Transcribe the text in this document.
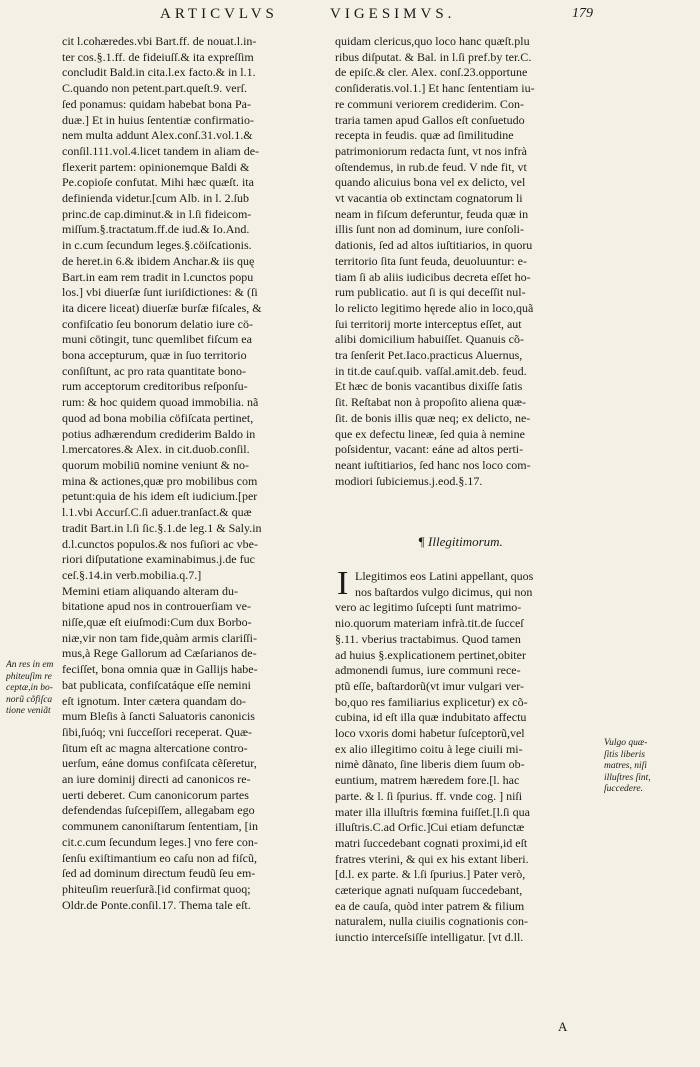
ARTICVLVS	VIGESIMVS.	179
cit l.cohæredes.vbi Bart.ff. de nouat.l.in-
ter cos.§.1.ff. de fideiuſſ.& ita expreſſim
concludit Bald.in cita.l.ex facto.& in l.1.
C.quando non petent.part.queſt.9. verſ.
ſed ponamus: quidam habebat bona Pa-
duæ.] Et in huius ſententiæ confirmatio-
nem multa addunt Alex.conſ.31.vol.1.&
conſil.111.vol.4.licet tandem in aliam de-
flexerit partem: opinionemque Baldi &
Pe.copioſe confutat. Mihi hæc quæſt. ita
definienda videtur.[cum Alb. in l. 2.ſub
princ.de cap.diminut.& in l.ſi fideicom-
miſſum.§.tractatum.ff.de iud.& Io.And.
in c.cum ſecundum leges.§.cöiſcationis.
de heret.in 6.& ibidem Anchar.& iis quę
Bart.in eam rem tradit in l.cunctos popu
los.] vbi diuerſæ ſunt iuriſdictiones: & (ſi
ita dicere liceat) diuerſæ burſæ fiſcales, &
confiſcatio ſeu bonorum delatio iure cö-
muni cötingit, tunc quemlibet fiſcum ea
bona accepturum, quæ in ſuo territorio
conſiſtunt, ac pro rata quantitate bono-
rum acceptorum creditoribus reſponſu-
rum: & hoc quidem quoad immobilia. nã
quod ad bona mobilia cöfiſcata pertinet,
potius adhærendum crediderim Baldo in
l.mercatores.& Alex. in cit.duob.conſil.
quorum mobiliū nomine veniunt & no-
mina & actiones,quæ pro mobilibus com
petunt:quia de his idem eſt iudicium.[per
l.1.vbi Accurſ.C.ſi aduer.tranſact.& quæ
tradit Bart.in l.ſi ſic.§.1.de leg.1 & Saly.in
d.l.cunctos populos.& nos fuſiori ac vbe-
riori diſputatione examinabimus.j.de fuc
ceſ.§.14.in verb.mobilia.q.7.]
Memini etiam aliquando alteram du-
bitatione apud nos in controuerſiam ve-
niſſe,quæ eſt eiuſmodi:Cum dux Borbo-
niæ,vir non tam fide,quàm armis clariſſi-
mus,à Rege Gallorum ad Cæſarianos de-
feciſſet, bona omnia quæ in Gallijs habe-
bat publicata, confiſcatáque eſſe nemini
eſt ignotum. Inter cætera quandam do-
mum Bleſis à ſancti Saluatoris canonicis
ſibi,ſuóq; vni ſucceſſori receperat. Quæ-
ſitum eſt ac magna altercatione contro-
uerſum, eáne domus confiſcata cẽſeretur,
an iure dominij directi ad canonicos re-
uerti deberet. Cum canonicorum partes
defendendas ſuſcepiſſem, allegabam ego
communem canoniſtarum ſententiam, [in
cit.c.cum ſecundum leges.] vno fere con-
ſenſu exiſtimantium eo caſu non ad fiſcũ,
ſed ad dominum directum feudũ ſeu em-
phiteuſim reuerſurã.[id confirmat quoq;
Oldr.de Ponte.conſil.17. Thema tale eſt.
quidam clericus,quo loco hanc quæſt.plu
ribus diſputat. & Bal. in l.ſi pref.by ter.C.
de epiſc.& cler. Alex. conſ.23.opportune
conſideratis.vol.1.] Et hanc ſententiam iu-
re communi veriorem crediderim. Con-
traria tamen apud Gallos eſt conſuetudo
recepta in feudis. quæ ad ſimilitudine
patrimoniorum redacta ſunt, vt nos infrà
oſtendemus, in rub.de feud. V nde fit, vt
quando alicuius bona vel ex delicto, vel
vt vacantia ob extinctam cognatorum li
neam in fiſcum deferuntur, feuda quæ in
illis ſunt non ad dominum, iure conſoli-
dationis, ſed ad altos iuſtitiarios, in quoru
territorio ſita ſunt feuda, deuoluuntur: e-
tiam ſi ab aliis iudicibus decreta eſſet ho-
rum publicatio. aut ſi is qui deceſſit nul-
lo relicto legitimo hęrede alio in loco,quã
ſui territorij morte interceptus eſſet, aut
alibi domicilium habuiſſet. Quanuis cõ-
tra ſenſerit Pet.Iaco.practicus Aluernus,
in tit.de cauſ.quib. vaſſal.amit.deb. feud.
Et hæc de bonis vacantibus dixiſſe ſatis
ſit. Reſtabat non à propoſito aliena quæ-
ſit. de bonis illis quæ neq; ex delicto, ne-
que ex defectu lineæ, ſed quia à nemine
poſsidentur, vacant: eáne ad altos perti-
neant iuſtitiarios, ſed hanc nos loco com-
modiori ſubiciemus.j.eod.§.17.
¶ Illegitimorum.
I Llegitimos eos Latini appellant, quos
nos baſtardos vulgo dicimus, qui non
vero ac legitimo ſuſcepti ſunt matrimo-
nio.quorum materiam infrà.tit.de ſucceſ
§.11. vberius tractabimus. Quod tamen
ad huius §.explicationem pertinet,obiter
admonendi ſumus, iure communi rece-
ptũ eſſe, baſtardorũ(vt imur vulgari ver-
bo,quo res familiarius explicetur) ex cõ-
cubina, id eſt illa quæ indubitato affectu
loco vxoris domi habetur ſuſceptorũ,vel
ex alio illegitimo coitu à lege ciuili mi-
nimè dãnato, ſine liberis diem ſuum ob-
euntium, matrem hæredem fore.[l. hac
parte. & l. ſi ſpurius. ff. vnde cog. ] niſi
mater illa illuſtris fœmina fuiſſet.[l.ſi qua
illuſtris.C.ad Orfic.]Cui etiam defunctæ
matri ſuccedebant cognati proximi,id eſt
fratres vterini, & qui ex his extant liberi.
[d.l. ex parte. & l.ſi ſpurius.] Pater verò,
cæterique agnati nuſquam ſuccedebant,
ea de cauſa, quòd inter patrem & filium
naturalem, nulla ciuilis cognationis con-
iunctio interceſsiſſe intelligatur. [vt d.ll.
An res in em
phiteuſim re
ceptæ,in bo-
norũ cõfiſca
tione veniãt
Vulgo quæ-
ſitis liberis
matres, niſi
illuſtres ſint,
ſuccedere.
A
